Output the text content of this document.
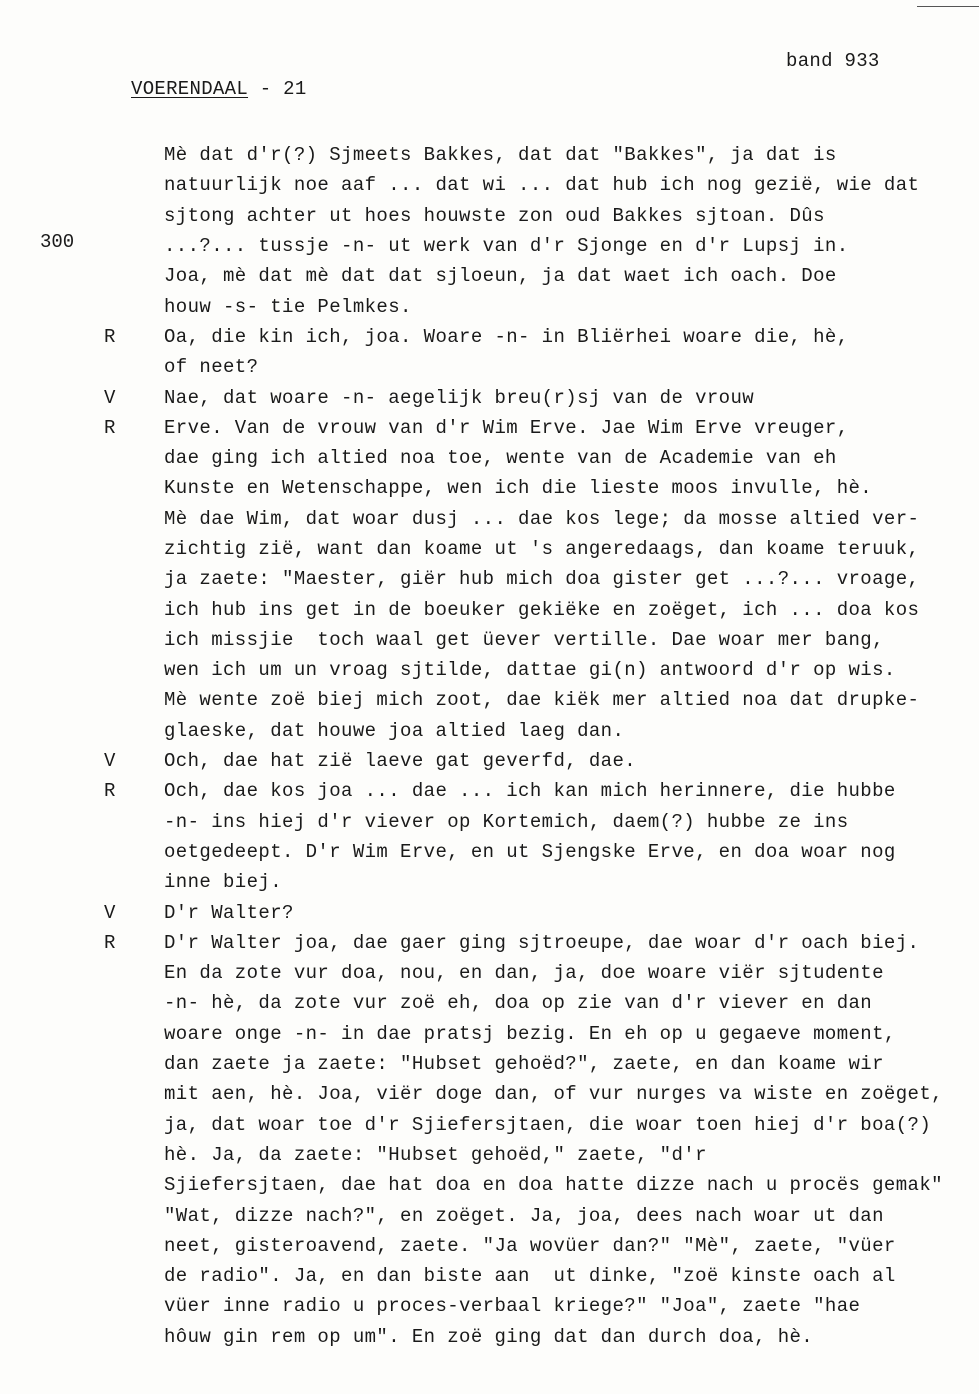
band 933
VOERENDAAL - 21
300
Mè dat d'r(?) Sjmeets Bakkes, dat dat "Bakkes", ja dat is
natuurlijk noe aaf ... dat wi ... dat hub ich nog gezië, wie dat
sjtong achter ut hoes houwste zon oud Bakkes sjtoan. Dûs
...?... tussje -n- ut werk van d'r Sjonge en d'r Lupsj in.
Joa, mè dat mè dat dat sjloeun, ja dat waet ich oach. Doe
houw -s- tie Pelmkes.
R	Oa, die kin ich, joa. Woare -n- in Bliërhei woare die, hè,
of neet?
V	Nae, dat woare -n- aegelijk breu(r)sj van de vrouw
R	Erve. Van de vrouw van d'r Wim Erve. Jae Wim Erve vreuger,
dae ging ich altied noa toe, wente van de Academie van eh
Kunste en Wetenschappe, wen ich die lieste moos invulle, hè.
Mè dae Wim, dat woar dusj ... dae kos lege; da mosse altied ver-
zichtig zië, want dan koame ut 's angeredaags, dan koame teruuk,
ja zaete: "Maester, giër hub mich doa gister get ...?... vroage,
ich hub ins get in de boeuker gekiëke en zoëget, ich ... doa kos
ich missjie  toch waal get üever vertille. Dae woar mer bang,
wen ich um un vroag sjtilde, dattae gi(n) antwoord d'r op wis.
Mè wente zoë biej mich zoot, dae kiëk mer altied noa dat drupke-
glaeske, dat houwe joa altied laeg dan.
V	Och, dae hat zië laeve gat geverfd, dae.
R	Och, dae kos joa ... dae ... ich kan mich herinnere, die hubbe
-n- ins hiej d'r viever op Kortemich, daem(?) hubbe ze ins
oetgedeept. D'r Wim Erve, en ut Sjengske Erve, en doa woar nog
inne biej.
V	D'r Walter?
R	D'r Walter joa, dae gaer ging sjtroeupe, dae woar d'r oach biej.
En da zote vur doa, nou, en dan, ja, doe woare viër sjtudente
-n- hè, da zote vur zoë eh, doa op zie van d'r viever en dan
woare onge -n- in dae pratsj bezig. En eh op u gegaeve moment,
dan zaete ja zaete: "Hubset gehoëd?", zaete, en dan koame wir
mit aen, hè. Joa, viër doge dan, of vur nurges va wiste en zoëget,
ja, dat woar toe d'r Sjiefersjtaen, die woar toen hiej d'r boa(?)
hè. Ja, da zaete: "Hubset gehoëd," zaete, "d'r
Sjiefersjtaen, dae hat doa en doa hatte dizze nach u procës gemak"
"Wat, dizze nach?", en zoëget. Ja, joa, dees nach woar ut dan
neet, gisteroavend, zaete. "Ja wovüer dan?" "Mè", zaete, "vüer
de radio". Ja, en dan biste aan  ut dinke, "zoë kinste oach al
vüer inne radio u proces-verbaal kriege?" "Joa", zaete "hae
hôuw gin rem op um". En zoë ging dat dan durch doa, hè.
